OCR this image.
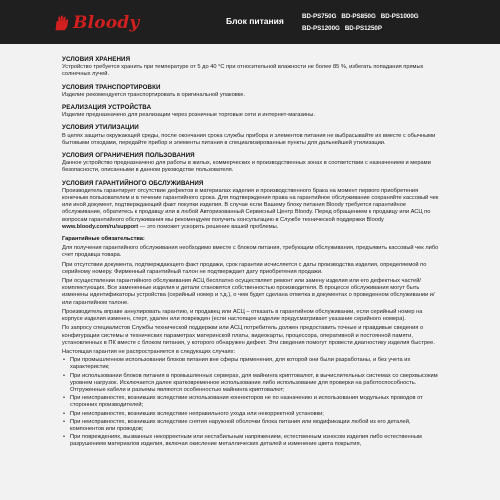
Bloody	Блок питания	BD-PS750G BD-PS850G BD-PS1000G
BD-PS1200G BD-PS1250P
УСЛОВИЯ ХРАНЕНИЯ
Устройство требуется хранить при температуре от 5 до 40 °С при относительной влажности не более 85 %, избегать попадания прямых солнечных лучей.
УСЛОВИЯ ТРАНСПОРТИРОВКИ
Изделие рекомендуется транспортировать в оригинальной упаковке.
РЕАЛИЗАЦИЯ УСТРОЙСТВА
Изделие предназначено для реализации через розничные торговые сети и интернет-магазины.
УСЛОВИЯ УТИЛИЗАЦИИ
В целях защиты окружающей среды, после окончания срока службы прибора и элементов питания не выбрасывайте их вместе с обычными бытовыми отходами, передайте прибор и элементы питания в специализированные пункты для дальнейшей утилизации.
УСЛОВИЯ ОГРАНИЧЕНИЯ ПОЛЬЗОВАНИЯ
Данное устройство предназначено для работы в жилых, коммерческих и производственных зонах в соответствии с назначением и мерами безопасности, описанными в данном руководстве пользователя.
УСЛОВИЯ ГАРАНТИЙНОГО ОБСЛУЖИВАНИЯ
Производитель гарантирует отсутствие дефектов в материалах изделия и производственного брака на момент первого приобретения конечным пользователем и в течение гарантийного срока. Для подтверждения права на гарантийное обслуживание сохраняйте кассовый чек или иной документ, подтверждающий факт покупки изделия. В случае если Вашему блоку питания Bloody требуется гарантийное обслуживание, обратитесь к продавцу или в любой Авторизованный Сервисный Центр Bloody. Перед обращением к продавцу или АСЦ по вопросам гарантийного обслуживания мы рекомендуем получить консультацию в Службе технической поддержки Bloody www.bloody.com/ru/support — это поможет ускорить решение вашей проблемы.
Гарантийные обязательства:
Для получения гарантийного обслуживания необходимо вместе с блоком питания, требующим обслуживания, предъявить кассовый чек либо счет продавца товара.
При отсутствии документа, подтверждающего факт продажи, срок гарантии исчисляется с даты производства изделия, определяемой по серийному номеру. Фирменный гарантийный талон не подтверждает дату приобретения продажи.
При осуществлении гарантийного обслуживания АСЦ бесплатно осуществляет ремонт или замену изделия или его дефектных частей/комплектующих. Все замененные изделия и детали становятся собственностью производителя. В процессе обслуживания могут быть изменены идентификаторы устройства (серийный номер и т.д.), о чем будет сделана отметка в документах о проведенном обслуживании и/или гарантийном талоне.
Производитель вправе аннулировать гарантию, и продавец или АСЦ – отказать в гарантийном обслуживании, если серийный номер на корпусе изделия изменен, стерт, удален или поврежден (если настоящее изделие предусматривает указание серийного номера).
По запросу специалистов Службы технической поддержки или АСЦ потребитель должен предоставить точные и правдивые сведения о конфигурации системы и технических параметрах материнской платы, видеокарты, процессора, оперативной и постоянной памяти, установленных в ПК вместе с блоком питания, у которого обнаружен дефект. Эти сведения помогут провести диагностику изделия быстрее.
Настоящая гарантия не распространяется в следующих случаях:
• При промышленном использовании блоков питания вне сферы применения, для которой они были разработаны, и без учета их характеристик;
• При использовании блоков питания в промышленных серверах, для майнинга криптовалют, в вычислительных системах со сверхвысоким уровнем нагрузок. Исключается далее кратковременное использование либо использование для проверки на работоспособность. Отгруженные кабели и разъемы являются особенностью майнинга криптовалют;
• При неисправностях, возникших вследствие использования коннекторов не по назначению и использования модульных проводов от сторонних производителей;
• При неисправностях, возникших вследствие неправильного ухода или некорректной установки;
• При неисправностях, возникших вследствие снятия наружной оболочки блока питания или модификации любой из его деталей, компонентов или проводов;
• При повреждениях, вызванных некорректным или нестабильным напряжением, естественным износом изделия либо естественным разрушением материалов изделия, включая окисление металлических деталей и изменение цвета покрытия,
